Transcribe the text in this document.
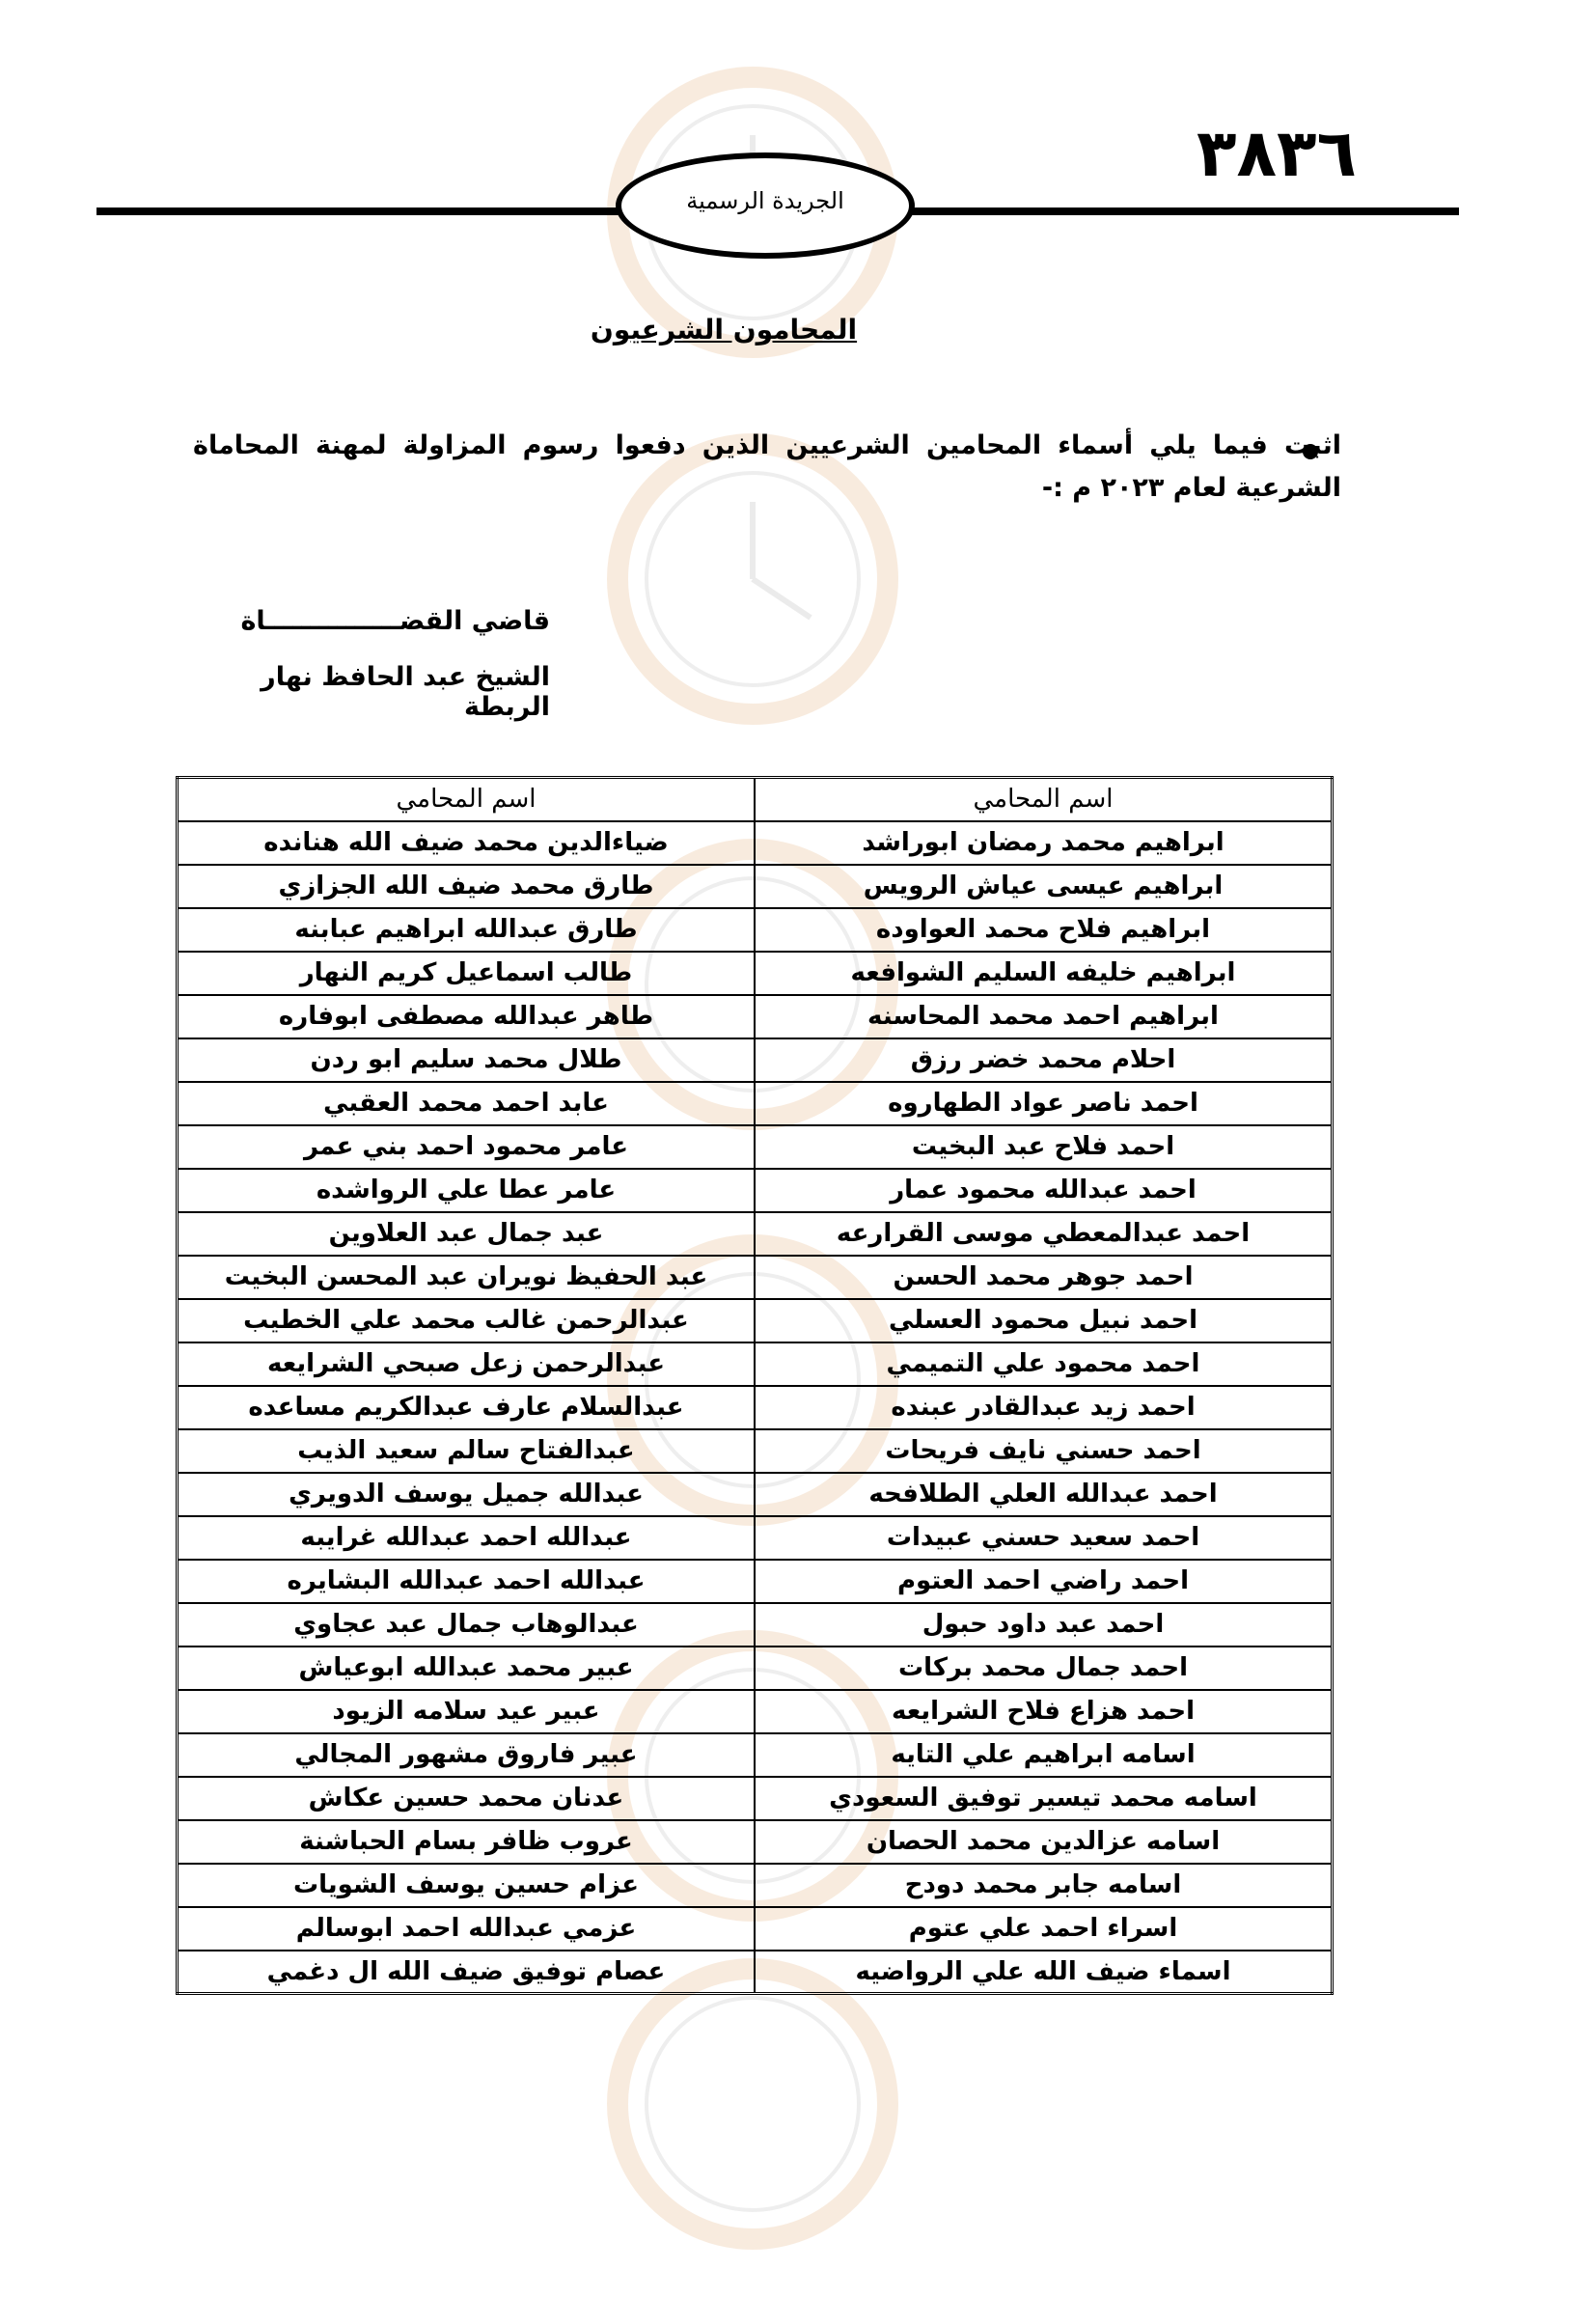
٣٨٣٦
الجريدة الرسمية
المحامون الشرعيون
اثبت فيما يلي أسماء المحامين الشرعيين الذين دفعوا رسوم المزاولة لمهنة المحاماة الشرعية لعام ٢٠٢٣ م :-
قاضي القضـــــــــــــــاة
الشيخ عبد الحافظ نهار الربطة
اسم المحامي	اسم المحامي
ابراهيم محمد رمضان ابوراشد	ضياءالدين محمد ضيف الله هنانده
ابراهيم عيسى عياش الرويس	طارق محمد ضيف الله الجزازي
ابراهيم فلاح محمد العواوده	طارق عبدالله ابراهيم عبابنه
ابراهيم خليفه السليم الشوافعه	طالب اسماعيل كريم النهار
ابراهيم احمد محمد المحاسنه	طاهر عبدالله مصطفى ابوفاره
احلام محمد خضر رزق	طلال محمد سليم ابو ردن
احمد ناصر عواد الطهاروه	عابد احمد محمد العقبي
احمد فلاح عبد البخيت	عامر محمود احمد بني عمر
احمد عبدالله محمود عمار	عامر عطا علي الرواشده
احمد عبدالمعطي موسى القرارعه	عبد جمال عبد العلاوين
احمد جوهر محمد الحسن	عبد الحفيظ نويران عبد المحسن البخيت
احمد نبيل محمود العسلي	عبدالرحمن غالب محمد علي الخطيب
احمد محمود علي التميمي	عبدالرحمن زعل صبحي الشرايعه
احمد زيد عبدالقادر عبنده	عبدالسلام عارف عبدالكريم مساعده
احمد حسني نايف فريحات	عبدالفتاح سالم سعيد الذيب
احمد عبدالله العلي الطلافحه	عبدالله جميل يوسف الدويري
احمد سعيد حسني عبيدات	عبدالله احمد عبدالله غرايبه
احمد راضي احمد العتوم	عبدالله احمد عبدالله البشايره
احمد عبد داود حبول	عبدالوهاب جمال عبد عجاوي
احمد جمال محمد بركات	عبير محمد عبدالله ابوعياش
احمد هزاع فلاح الشرايعه	عبير عيد سلامه الزيود
اسامه ابراهيم علي التايه	عبير فاروق مشهور المجالي
اسامه محمد تيسير توفيق السعودي	عدنان محمد حسين عكاش
اسامه عزالدين محمد الحصان	عروب ظافر بسام الحباشنة
اسامه جابر محمد دودح	عزام حسين يوسف الشويات
اسراء احمد علي عتوم	عزمي عبدالله احمد ابوسالم
اسماء ضيف الله علي الرواضيه	عصام توفيق ضيف الله ال دغمي
